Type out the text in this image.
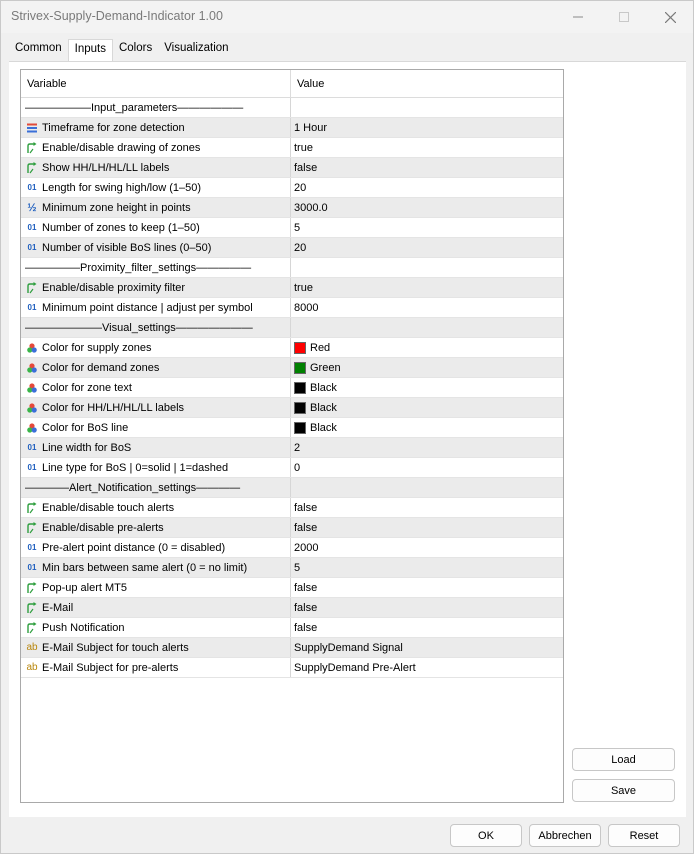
Strivex-Supply-Demand-Indicator 1.00
Common	Inputs	Colors	Visualization
Variable	Value
——————Input_parameters——————
Timeframe for zone detection	1 Hour
Enable/disable drawing of zones	true
Show HH/LH/HL/LL labels	false
01 Length for swing high/low (1–50)	20
½ Minimum zone height in points	3000.0
01 Number of zones to keep (1–50)	5
01 Number of visible BoS lines (0–50)	20
—————Proximity_filter_settings—————
Enable/disable proximity filter	true
01 Minimum point distance | adjust per symbol	8000
———————Visual_settings———————
Color for supply zones	Red
Color for demand zones	Green
Color for zone text	Black
Color for HH/LH/HL/LL labels	Black
Color for BoS line	Black
01 Line width for BoS	2
01 Line type for BoS | 0=solid | 1=dashed	0
————Alert_Notification_settings————
Enable/disable touch alerts	false
Enable/disable pre-alerts	false
01 Pre-alert point distance (0 = disabled)	2000
01 Min bars between same alert (0 = no limit)	5
Pop-up alert MT5	false
E-Mail	false
Push Notification	false
ab E-Mail Subject for touch alerts	SupplyDemand Signal
ab E-Mail Subject for pre-alerts	SupplyDemand Pre-Alert
Load
Save
OK	Abbrechen	Reset
